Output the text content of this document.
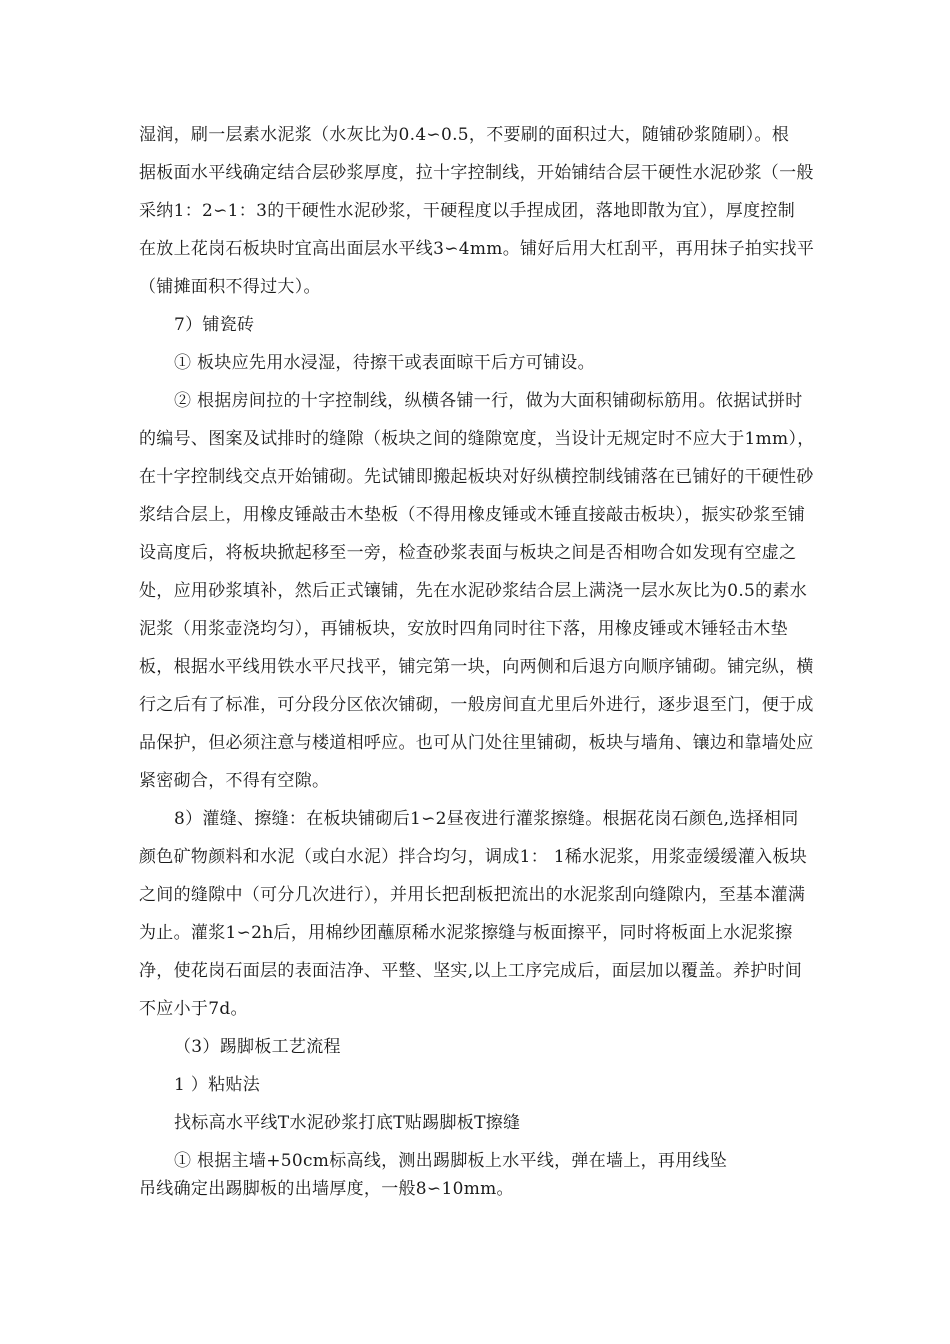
湿润，刷一层素水泥浆（水灰比为0.4∽0.5，不要刷的面积过大，随铺砂浆随刷）。根
据板面水平线确定结合层砂浆厚度，拉十字控制线，开始铺结合层干硬性水泥砂浆（一般
采纳1：2∽1：3的干硬性水泥砂浆，干硬程度以手捏成团，落地即散为宜），厚度控制
在放上花岗石板块时宜高出面层水平线3∽4mm。铺好后用大杠刮平，再用抹子拍实找平
（铺摊面积不得过大）。
7）铺瓷砖
① 板块应先用水浸湿，待擦干或表面晾干后方可铺设。
② 根据房间拉的十字控制线，纵横各铺一行，做为大面积铺砌标筋用。依据试拼时
的编号、图案及试排时的缝隙（板块之间的缝隙宽度，当设计无规定时不应大于1mm），
在十字控制线交点开始铺砌。先试铺即搬起板块对好纵横控制线铺落在已铺好的干硬性砂
浆结合层上，用橡皮锤敲击木垫板（不得用橡皮锤或木锤直接敲击板块），振实砂浆至铺
设高度后，将板块掀起移至一旁，检查砂浆表面与板块之间是否相吻合如发现有空虚之
处，应用砂浆填补，然后正式镶铺，先在水泥砂浆结合层上满浇一层水灰比为0.5的素水
泥浆（用浆壶浇均匀），再铺板块，安放时四角同时往下落，用橡皮锤或木锤轻击木垫
板，根据水平线用铁水平尺找平，铺完第一块，向两侧和后退方向顺序铺砌。铺完纵，横
行之后有了标准，可分段分区依次铺砌，一般房间直尤里后外进行，逐步退至门，便于成
品保护，但必须注意与楼道相呼应。也可从门处往里铺砌，板块与墙角、镶边和靠墙处应
紧密砌合，不得有空隙。
8）灌缝、擦缝：在板块铺砌后1∽2昼夜进行灌浆擦缝。根据花岗石颜色,选择相同
颜色矿物颜料和水泥（或白水泥）拌合均匀，调成1： 1稀水泥浆，用浆壶缓缓灌入板块
之间的缝隙中（可分几次进行），并用长把刮板把流出的水泥浆刮向缝隙内，至基本灌满
为止。灌浆1∽2h后，用棉纱团蘸原稀水泥浆擦缝与板面擦平，同时将板面上水泥浆擦
净，使花岗石面层的表面洁净、平整、坚实,以上工序完成后，面层加以覆盖。养护时间
不应小于7d。
（3）踢脚板工艺流程
1 ）粘贴法
找标高水平线T水泥砂浆打底T贴踢脚板T擦缝
① 根据主墙+50cm标高线，测出踢脚板上水平线，弹在墙上，再用线坠
吊线确定出踢脚板的出墙厚度，一般8∽10mm。
